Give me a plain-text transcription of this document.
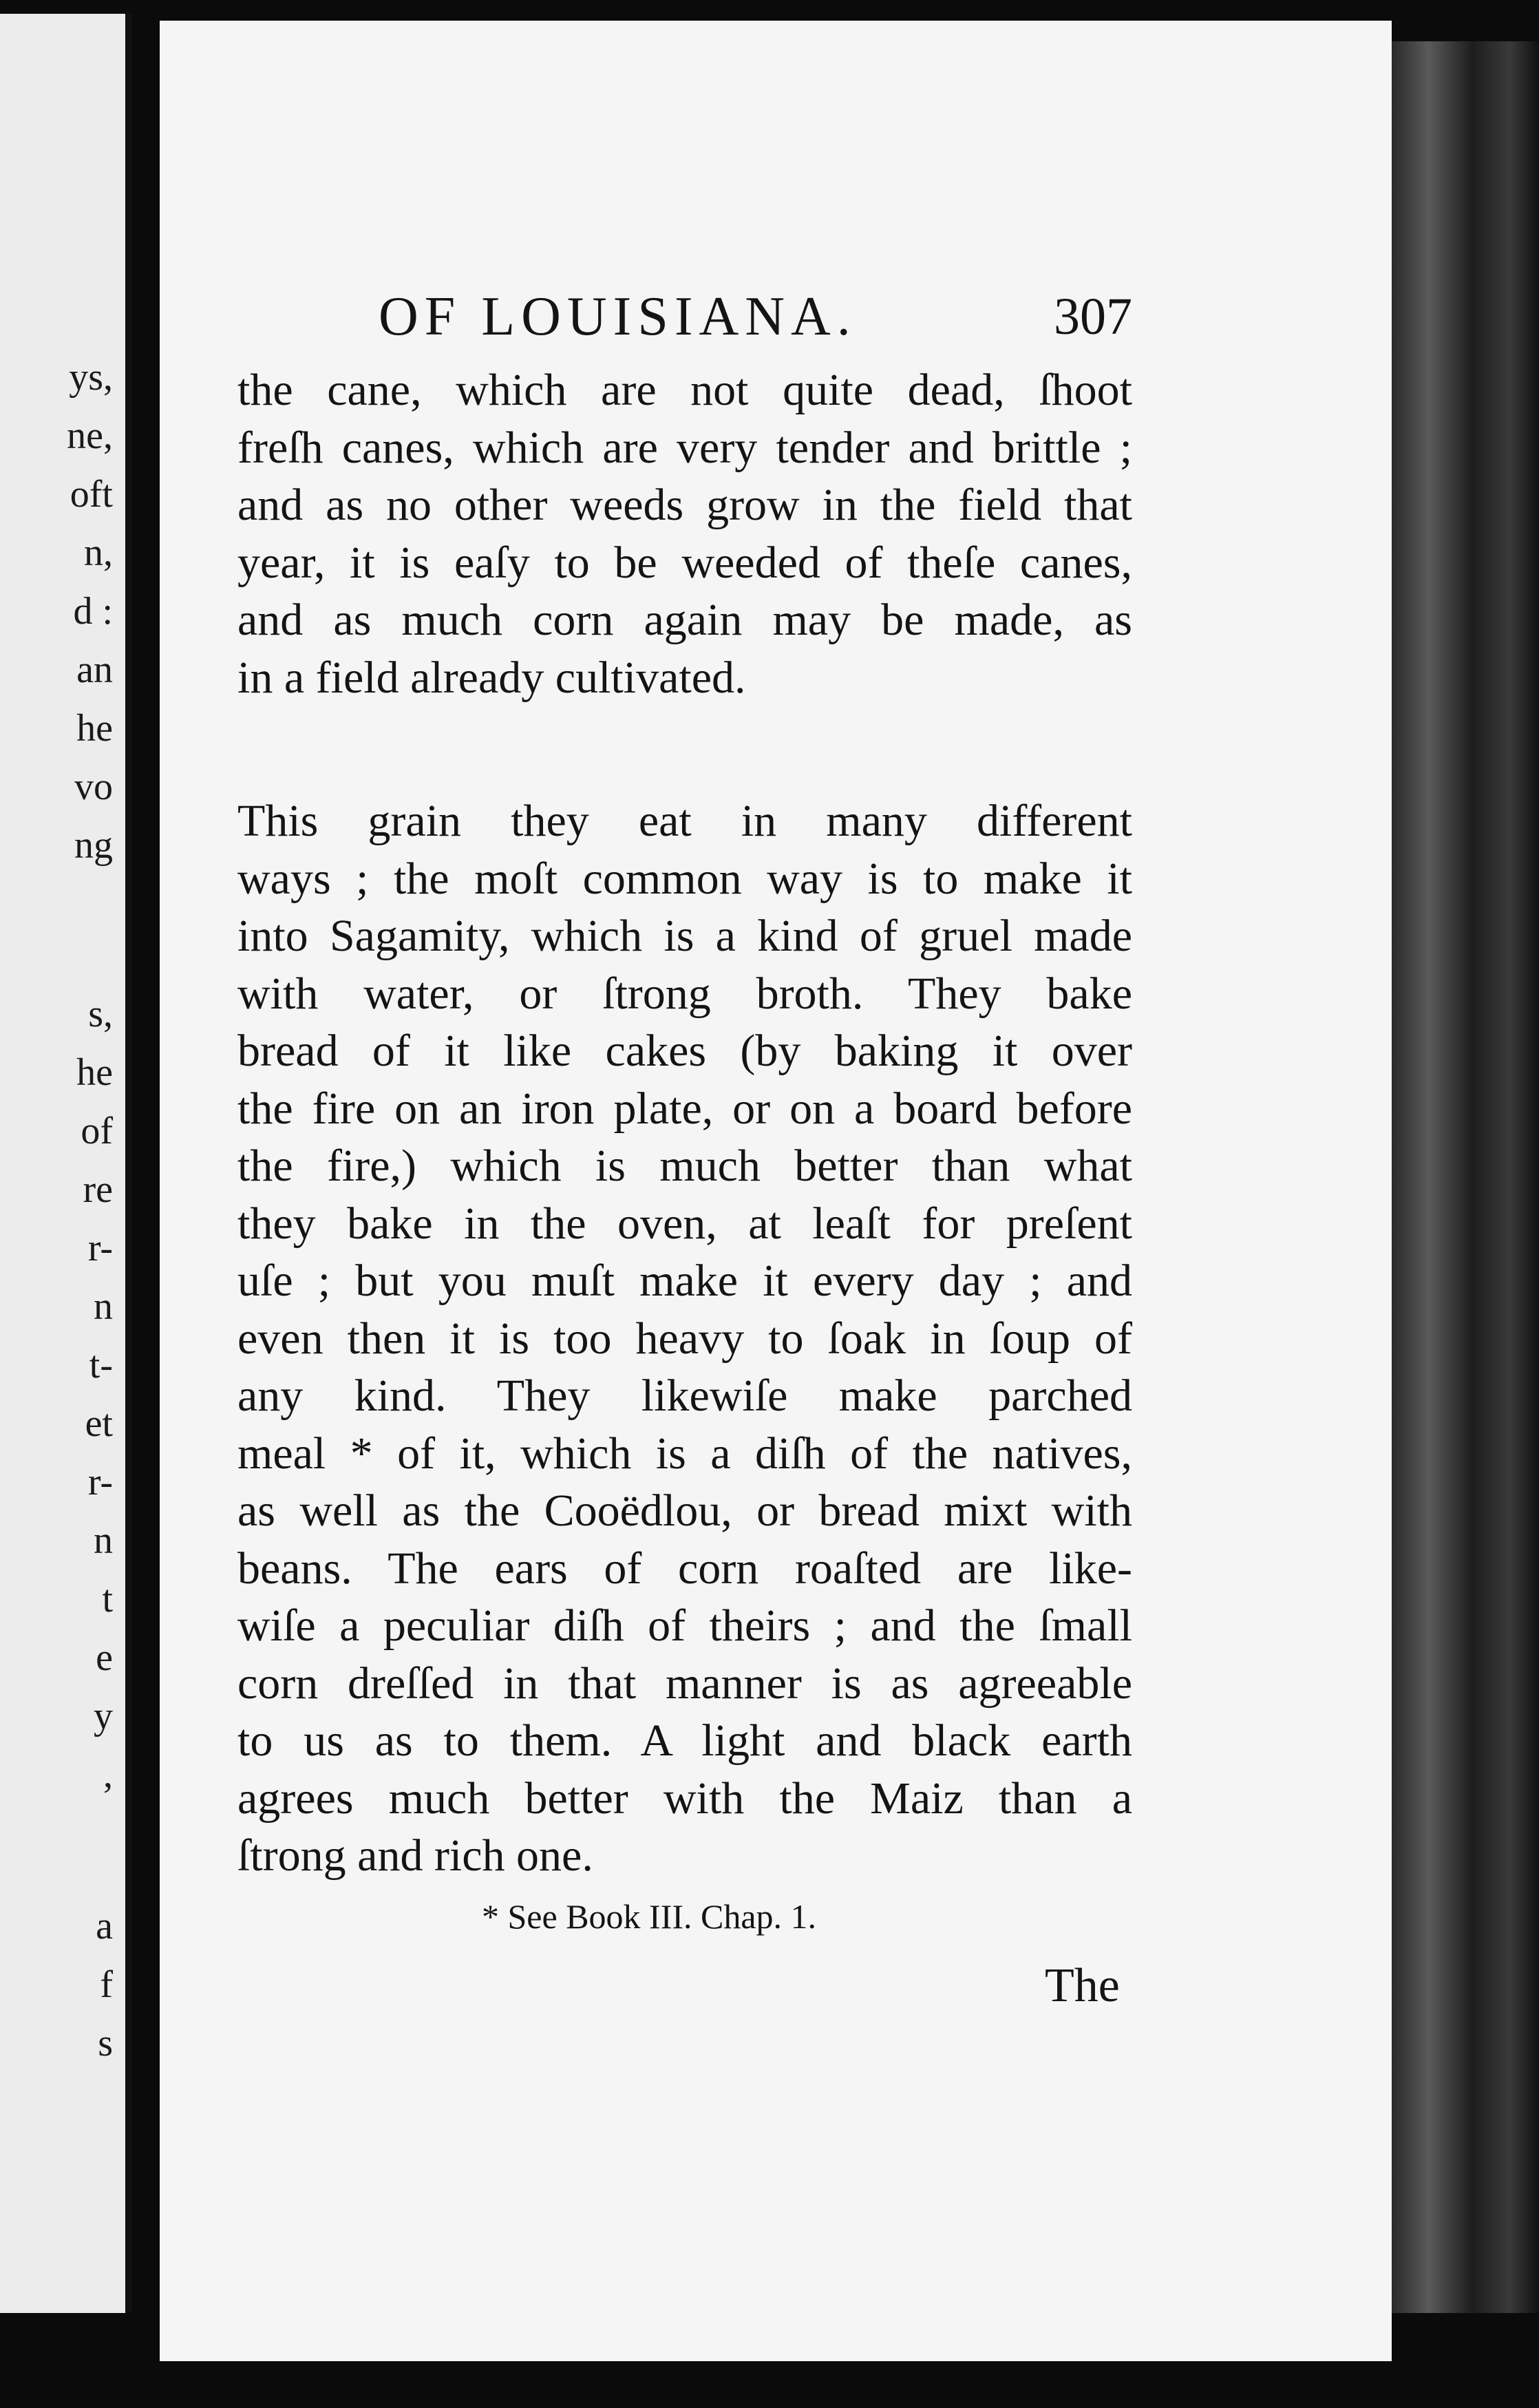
ys,
ne,
oft
n,
d :
an
he
vo
ng
s,
he
of
re
r-
n
t-
et
r-
n
t
e
y
,
a
f
s
OF LOUISIANA.	307
the cane, which are not quite dead, ſhoot
freſh canes, which are very tender and brittle ;
and as no other weeds grow in the field that
year, it is eaſy to be weeded of theſe canes,
and as much corn again may be made, as
in a field already cultivated.
This grain they eat in many different
ways ; the moſt common way is to make it
into Sagamity, which is a kind of gruel made
with water, or ſtrong broth. They bake
bread of it like cakes (by baking it over
the fire on an iron plate, or on a board before
the fire,) which is much better than what
they bake in the oven, at leaſt for preſent
uſe ; but you muſt make it every day ; and
even then it is too heavy to ſoak in ſoup of
any kind. They likewiſe make parched
meal * of it, which is a diſh of the natives,
as well as the Cooëdlou, or bread mixt with
beans. The ears of corn roaſted are like-
wiſe a peculiar diſh of theirs ; and the ſmall
corn dreſſed in that manner is as agreeable
to us as to them. A light and black earth
agrees much better with the Maiz than a
ſtrong and rich one.
* See Book III. Chap. 1.
The
